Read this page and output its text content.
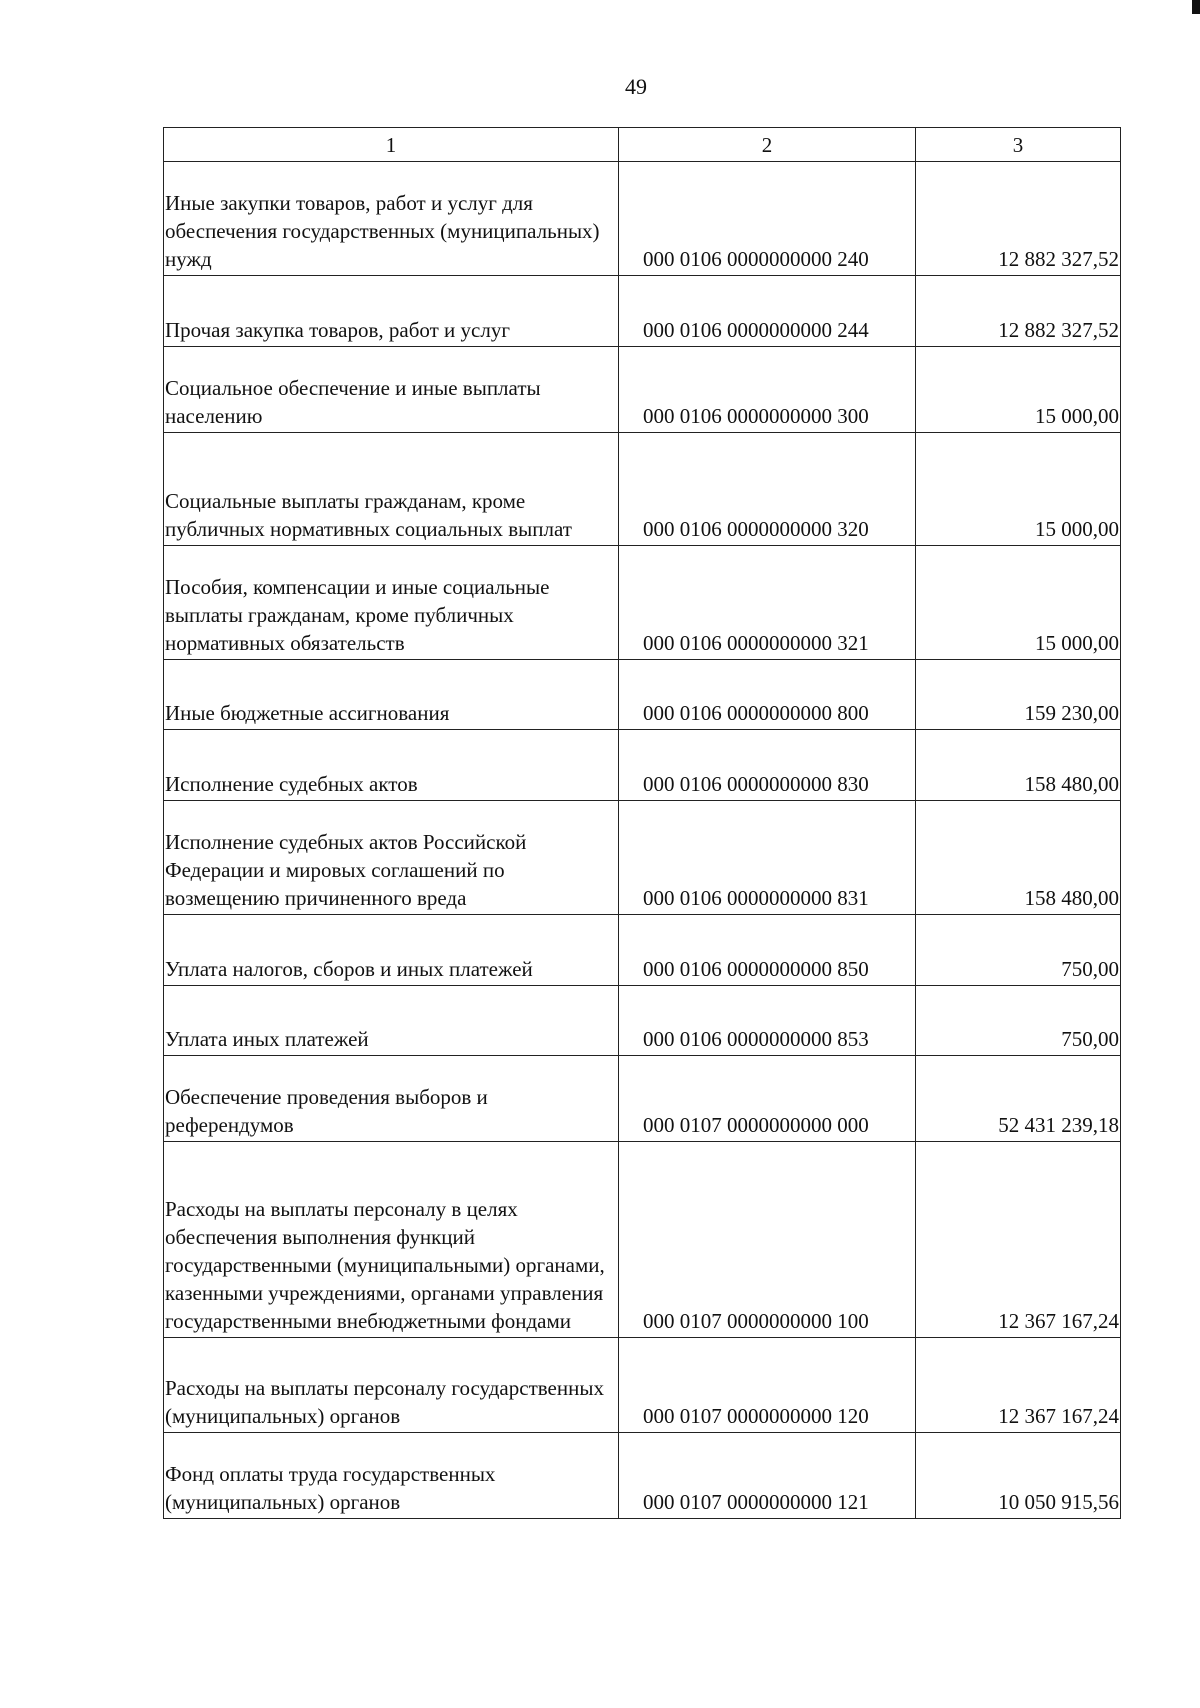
49
1	2	3
Иные закупки товаров, работ и услуг для обеспечения государственных (муниципальных) нужд	000 0106 0000000000 240	12 882 327,52
Прочая закупка товаров, работ и услуг	000 0106 0000000000 244	12 882 327,52
Социальное обеспечение и иные выплаты населению	000 0106 0000000000 300	15 000,00
Социальные выплаты гражданам, кроме публичных нормативных социальных выплат	000 0106 0000000000 320	15 000,00
Пособия, компенсации и иные социальные выплаты гражданам, кроме публичных нормативных обязательств	000 0106 0000000000 321	15 000,00
Иные бюджетные ассигнования	000 0106 0000000000 800	159 230,00
Исполнение судебных актов	000 0106 0000000000 830	158 480,00
Исполнение судебных актов Российской Федерации и мировых соглашений по возмещению причиненного вреда	000 0106 0000000000 831	158 480,00
Уплата налогов, сборов и иных платежей	000 0106 0000000000 850	750,00
Уплата иных платежей	000 0106 0000000000 853	750,00
Обеспечение проведения выборов и референдумов	000 0107 0000000000 000	52 431 239,18
Расходы на выплаты персоналу в целях обеспечения выполнения функций государственными (муниципальными) органами, казенными учреждениями, органами управления государственными внебюджетными фондами	000 0107 0000000000 100	12 367 167,24
Расходы на выплаты персоналу государственных (муниципальных) органов	000 0107 0000000000 120	12 367 167,24
Фонд оплаты труда государственных (муниципальных) органов	000 0107 0000000000 121	10 050 915,56
